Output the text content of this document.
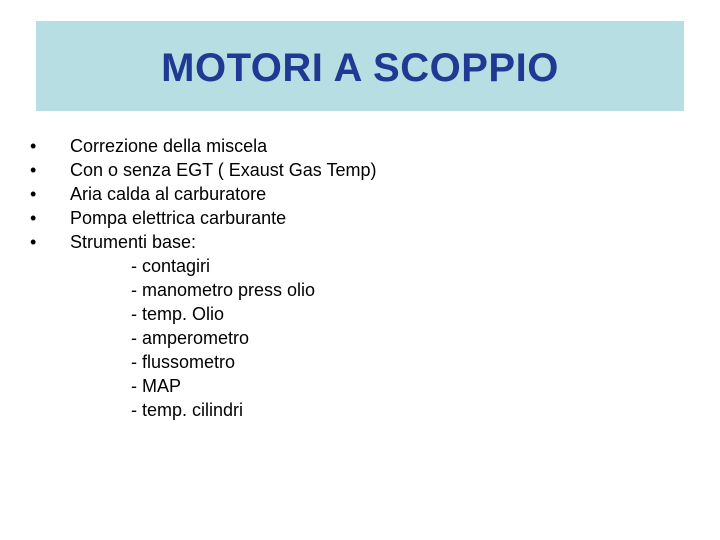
MOTORI A SCOPPIO
•	Correzione della miscela
•	Con o senza EGT ( Exaust Gas Temp)
•	Aria calda al carburatore
•	Pompa elettrica carburante
•	Strumenti base:
- contagiri
- manometro press olio
- temp. Olio
- amperometro
- flussometro
- MAP
- temp. cilindri
